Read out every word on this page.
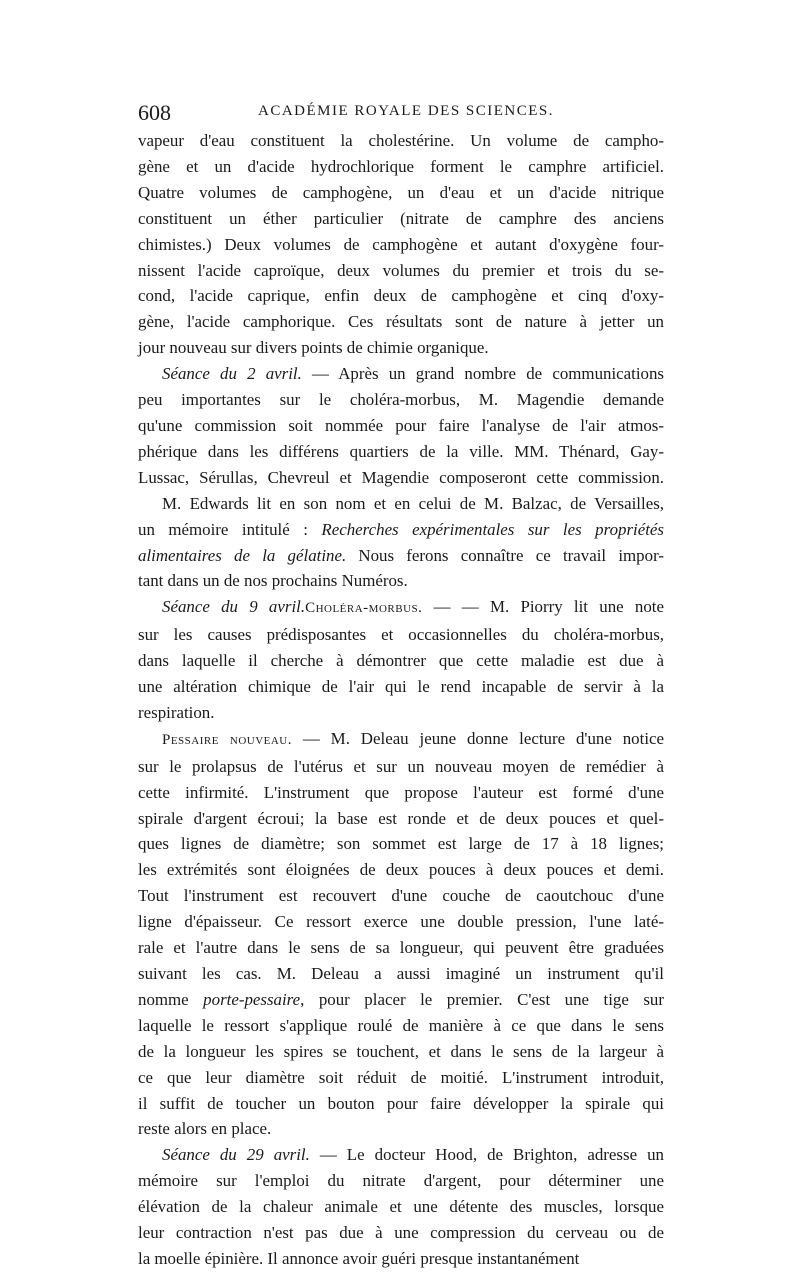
608	ACADÉMIE ROYALE DES SCIENCES.
vapeur d'eau constituent la cholestérine. Un volume de campho-
gène et un d'acide hydrochlorique forment le camphre artificiel.
Quatre volumes de camphogène, un d'eau et un d'acide nitrique
constituent un éther particulier (nitrate de camphre des anciens
chimistes.) Deux volumes de camphogène et autant d'oxygène four-
nissent l'acide caproïque, deux volumes du premier et trois du se-
cond, l'acide caprique, enfin deux de camphogène et cinq d'oxy-
gène, l'acide camphorique. Ces résultats sont de nature à jetter un
jour nouveau sur divers points de chimie organique.
Séance du 2 avril. — Après un grand nombre de communications
peu importantes sur le choléra-morbus, M. Magendie demande
qu'une commission soit nommée pour faire l'analyse de l'air atmos-
phérique dans les différens quartiers de la ville. MM. Thénard, Gay-
Lussac, Sérullas, Chevreul et Magendie composeront cette commission.
M. Edwards lit en son nom et en celui de M. Balzac, de Versailles,
un mémoire intitulé : Recherches expérimentales sur les propriétés
alimentaires de la gélatine. Nous ferons connaître ce travail impor-
tant dans un de nos prochains Numéros.
Séance du 9 avril.Choléra-morbus. — — M. Piorry lit une note
sur les causes prédisposantes et occasionnelles du choléra-morbus,
dans laquelle il cherche à démontrer que cette maladie est due à
une altération chimique de l'air qui le rend incapable de servir à la
respiration.
Pessaire nouveau. — M. Deleau jeune donne lecture d'une notice
sur le prolapsus de l'utérus et sur un nouveau moyen de remédier à
cette infirmité. L'instrument que propose l'auteur est formé d'une
spirale d'argent écroui; la base est ronde et de deux pouces et quel-
ques lignes de diamètre; son sommet est large de 17 à 18 lignes;
les extrémités sont éloignées de deux pouces à deux pouces et demi.
Tout l'instrument est recouvert d'une couche de caoutchouc d'une
ligne d'épaisseur. Ce ressort exerce une double pression, l'une laté-
rale et l'autre dans le sens de sa longueur, qui peuvent être graduées
suivant les cas. M. Deleau a aussi imaginé un instrument qu'il
nomme porte-pessaire, pour placer le premier. C'est une tige sur
laquelle le ressort s'applique roulé de manière à ce que dans le sens
de la longueur les spires se touchent, et dans le sens de la largeur à
ce que leur diamètre soit réduit de moitié. L'instrument introduit,
il suffit de toucher un bouton pour faire développer la spirale qui
reste alors en place.
Séance du 29 avril. — Le docteur Hood, de Brighton, adresse un
mémoire sur l'emploi du nitrate d'argent, pour déterminer une
élévation de la chaleur animale et une détente des muscles, lorsque
leur contraction n'est pas due à une compression du cerveau ou de
la moelle épinière. Il annonce avoir guéri presque instantanément
